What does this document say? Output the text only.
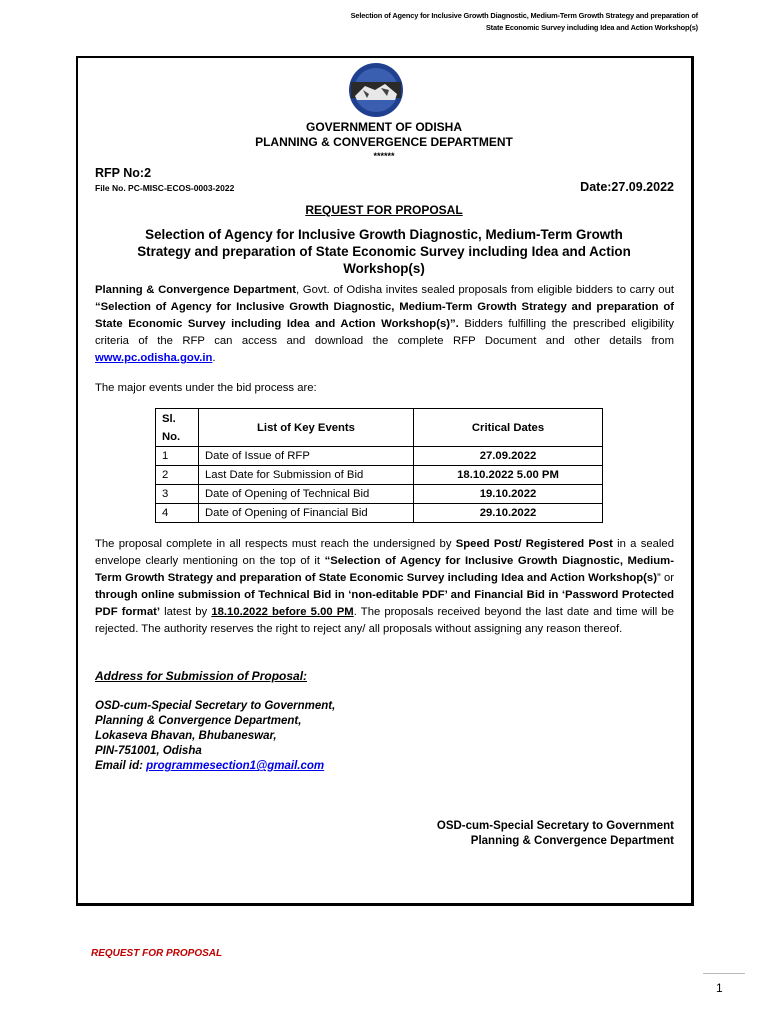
Selection of Agency for Inclusive Growth Diagnostic, Medium-Term Growth Strategy and preparation of
State Economic Survey including Idea and Action Workshop(s)
GOVERNMENT OF ODISHA
PLANNING & CONVERGENCE DEPARTMENT
******
RFP No:2
File No. PC-MISC-ECOS-0003-2022	Date:27.09.2022
REQUEST FOR PROPOSAL
Selection of Agency for Inclusive Growth Diagnostic, Medium-Term Growth
Strategy and preparation of State Economic Survey including Idea and Action
Workshop(s)
Planning & Convergence Department, Govt. of Odisha invites sealed proposals from eligible bidders to carry out “Selection of Agency for Inclusive Growth Diagnostic, Medium-Term Growth Strategy and preparation of State Economic Survey including Idea and Action Workshop(s)”. Bidders fulfilling the prescribed eligibility criteria of the RFP can access and download the complete RFP Document and other details from www.pc.odisha.gov.in.
The major events under the bid process are:
Sl. No.	List of Key Events	Critical Dates
1	Date of Issue of RFP	27.09.2022
2	Last Date for Submission of Bid	18.10.2022 5.00 PM
3	Date of Opening of Technical Bid	19.10.2022
4	Date of Opening of Financial Bid	29.10.2022
The proposal complete in all respects must reach the undersigned by Speed Post/ Registered Post in a sealed envelope clearly mentioning on the top of it “Selection of Agency for Inclusive Growth Diagnostic, Medium-Term Growth Strategy and preparation of State Economic Survey including Idea and Action Workshop(s)” or through online submission of Technical Bid in ‘non-editable PDF’ and Financial Bid in ‘Password Protected PDF format’ latest by 18.10.2022 before 5.00 PM. The proposals received beyond the last date and time will be rejected. The authority reserves the right to reject any/ all proposals without assigning any reason thereof.
Address for Submission of Proposal:
OSD-cum-Special Secretary to Government,
Planning & Convergence Department,
Lokaseva Bhavan, Bhubaneswar,
PIN-751001, Odisha
Email id: programmesection1@gmail.com
OSD-cum-Special Secretary to Government
Planning & Convergence Department
REQUEST FOR PROPOSAL
1
